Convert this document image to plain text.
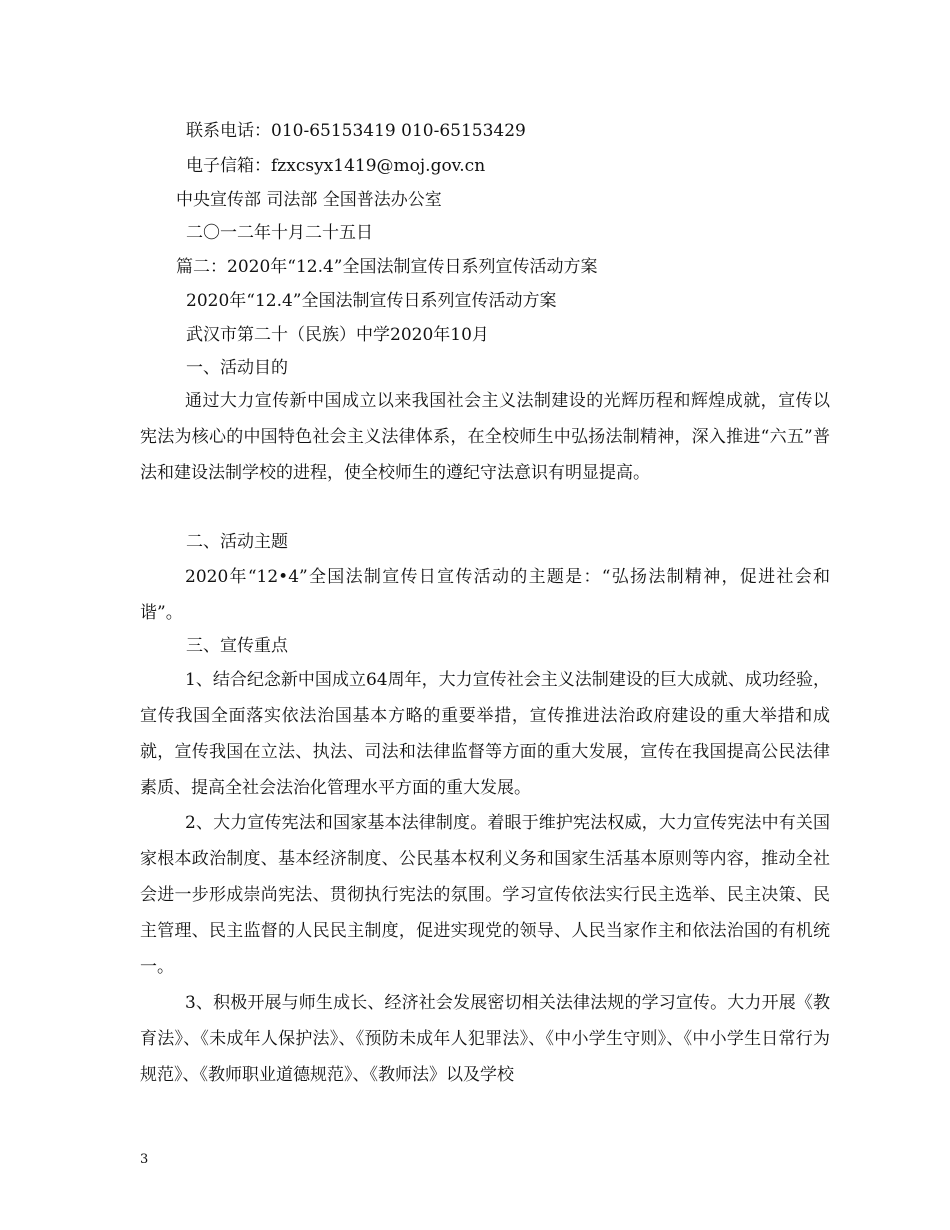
联系电话：010-65153419 010-65153429
电子信箱：fzxcsyx1419@moj.gov.cn
中央宣传部 司法部 全国普法办公室
二〇一二年十月二十五日
篇二：2020年“12.4”全国法制宣传日系列宣传活动方案
2020年“12.4”全国法制宣传日系列宣传活动方案
武汉市第二十（民族）中学2020年10月
一、活动目的
通过大力宣传新中国成立以来我国社会主义法制建设的光辉历程和辉煌成就，宣传以宪法为核心的中国特色社会主义法律体系，在全校师生中弘扬法制精神，深入推进“六五”普法和建设法制学校的进程，使全校师生的遵纪守法意识有明显提高。
二、活动主题
2020年“12•4”全国法制宣传日宣传活动的主题是：“弘扬法制精神，促进社会和谐”。
三、宣传重点
1、结合纪念新中国成立64周年，大力宣传社会主义法制建设的巨大成就、成功经验，宣传我国全面落实依法治国基本方略的重要举措，宣传推进法治政府建设的重大举措和成就，宣传我国在立法、执法、司法和法律监督等方面的重大发展，宣传在我国提高公民法律素质、提高全社会法治化管理水平方面的重大发展。
2、大力宣传宪法和国家基本法律制度。着眼于维护宪法权威，大力宣传宪法中有关国家根本政治制度、基本经济制度、公民基本权利义务和国家生活基本原则等内容，推动全社会进一步形成崇尚宪法、贯彻执行宪法的氛围。学习宣传依法实行民主选举、民主决策、民主管理、民主监督的人民民主制度，促进实现党的领导、人民当家作主和依法治国的有机统一。
3、积极开展与师生成长、经济社会发展密切相关法律法规的学习宣传。大力开展《教育法》、《未成年人保护法》、《预防未成年人犯罪法》、《中小学生守则》、《中小学生日常行为规范》、《教师职业道德规范》、《教师法》以及学校
3
